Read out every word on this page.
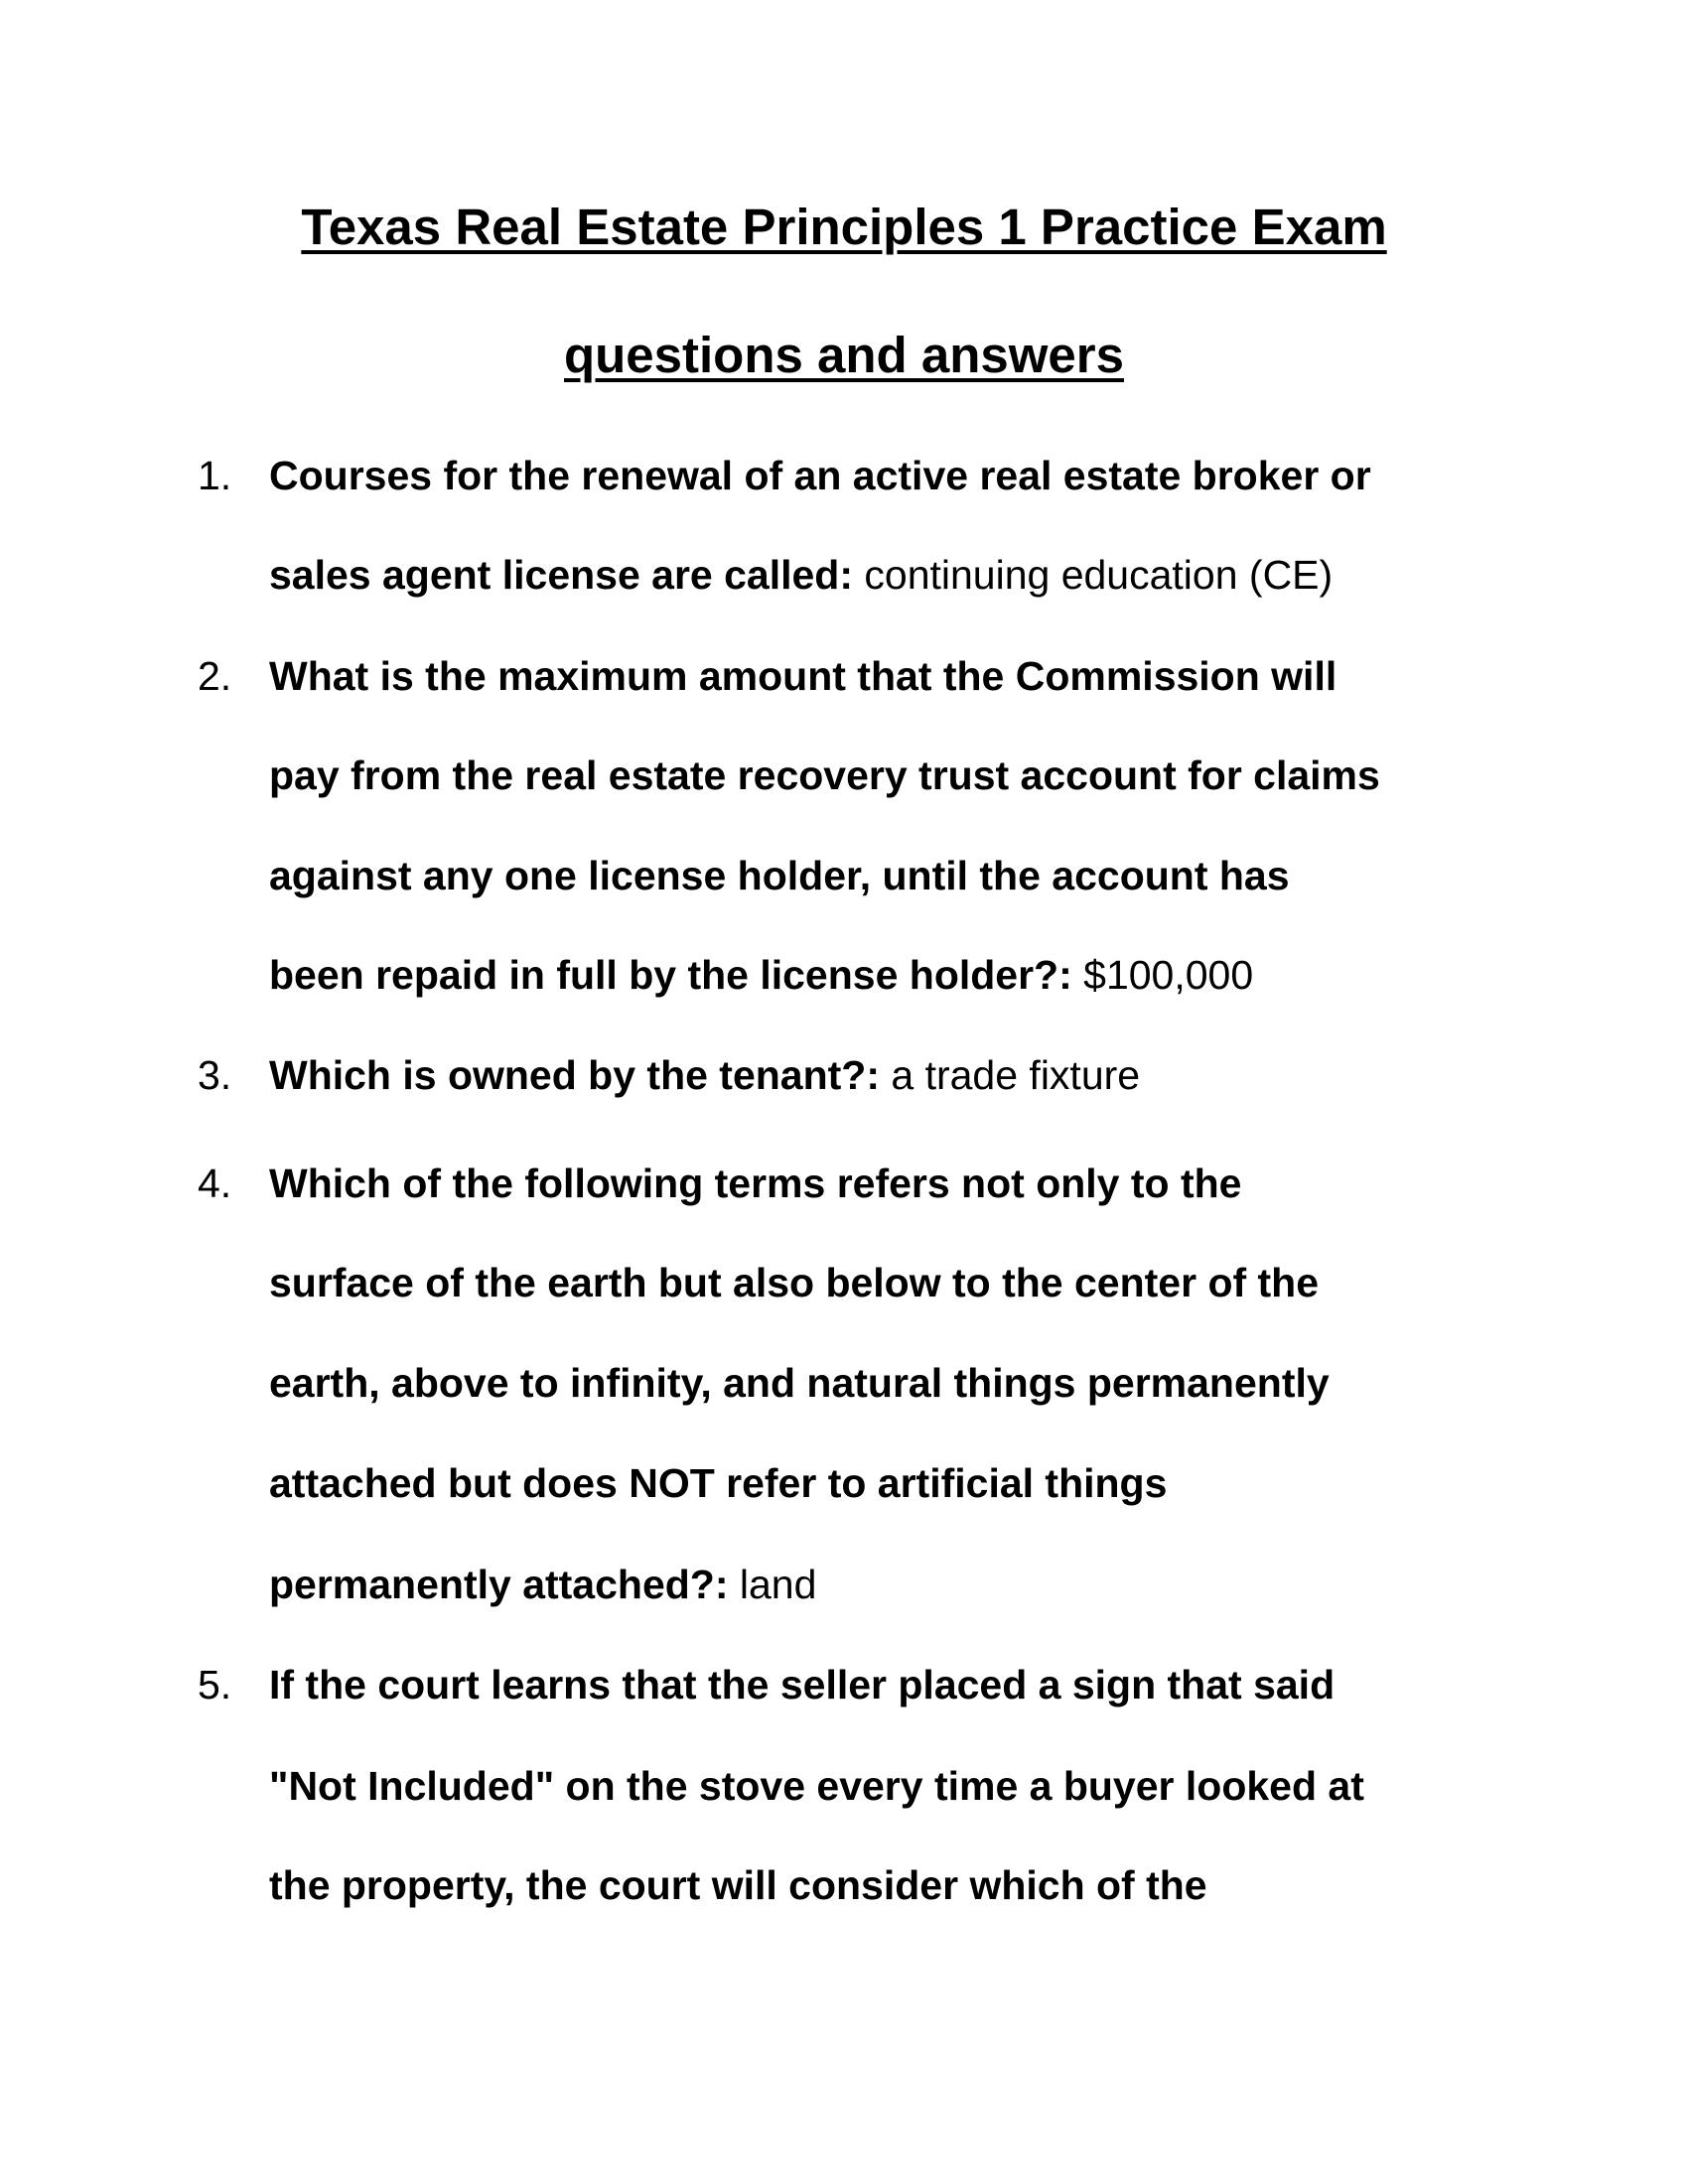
Texas Real Estate Principles 1 Practice Exam
questions and answers
1. Courses for the renewal of an active real estate broker or
sales agent license are called: continuing education (CE)
2. What is the maximum amount that the Commission will
pay from the real estate recovery trust account for claims
against any one license holder, until the account has
been repaid in full by the license holder?: $100,000
3. Which is owned by the tenant?: a trade fixture
4. Which of the following terms refers not only to the
surface of the earth but also below to the center of the
earth, above to infinity, and natural things permanently
attached but does NOT refer to artificial things
permanently attached?: land
5. If the court learns that the seller placed a sign that said
"Not Included" on the stove every time a buyer looked at
the property, the court will consider which of the
